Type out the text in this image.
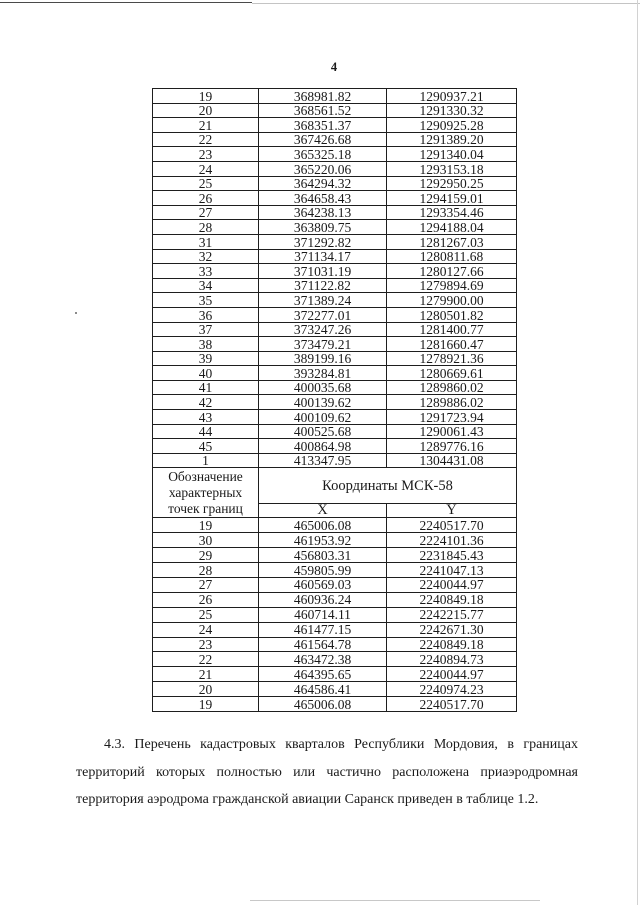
4
19	368981.82	1290937.21
20	368561.52	1291330.32
21	368351.37	1290925.28
22	367426.68	1291389.20
23	365325.18	1291340.04
24	365220.06	1293153.18
25	364294.32	1292950.25
26	364658.43	1294159.01
27	364238.13	1293354.46
28	363809.75	1294188.04
31	371292.82	1281267.03
32	371134.17	1280811.68
33	371031.19	1280127.66
34	371122.82	1279894.69
35	371389.24	1279900.00
36	372277.01	1280501.82
37	373247.26	1281400.77
38	373479.21	1281660.47
39	389199.16	1278921.36
40	393284.81	1280669.61
41	400035.68	1289860.02
42	400139.62	1289886.02
43	400109.62	1291723.94
44	400525.68	1290061.43
45	400864.98	1289776.16
1	413347.95	1304431.08

Обозначение
характерных
точек границ	Координаты МСК-58	
	X	Y
19	465006.08	2240517.70
30	461953.92	2224101.36
29	456803.31	2231845.43
28	459805.99	2241047.13
27	460569.03	2240044.97
26	460936.24	2240849.18
25	460714.11	2242215.77
24	461477.15	2242671.30
23	461564.78	2240849.18
22	463472.38	2240894.73
21	464395.65	2240044.97
20	464586.41	2240974.23
19	465006.08	2240517.70
4.3. Перечень кадастровых кварталов Республики Мордовия, в границах
территорий которых полностью или частично расположена приаэродромная
территория аэродрома гражданской авиации Саранск приведен в таблице 1.2.
